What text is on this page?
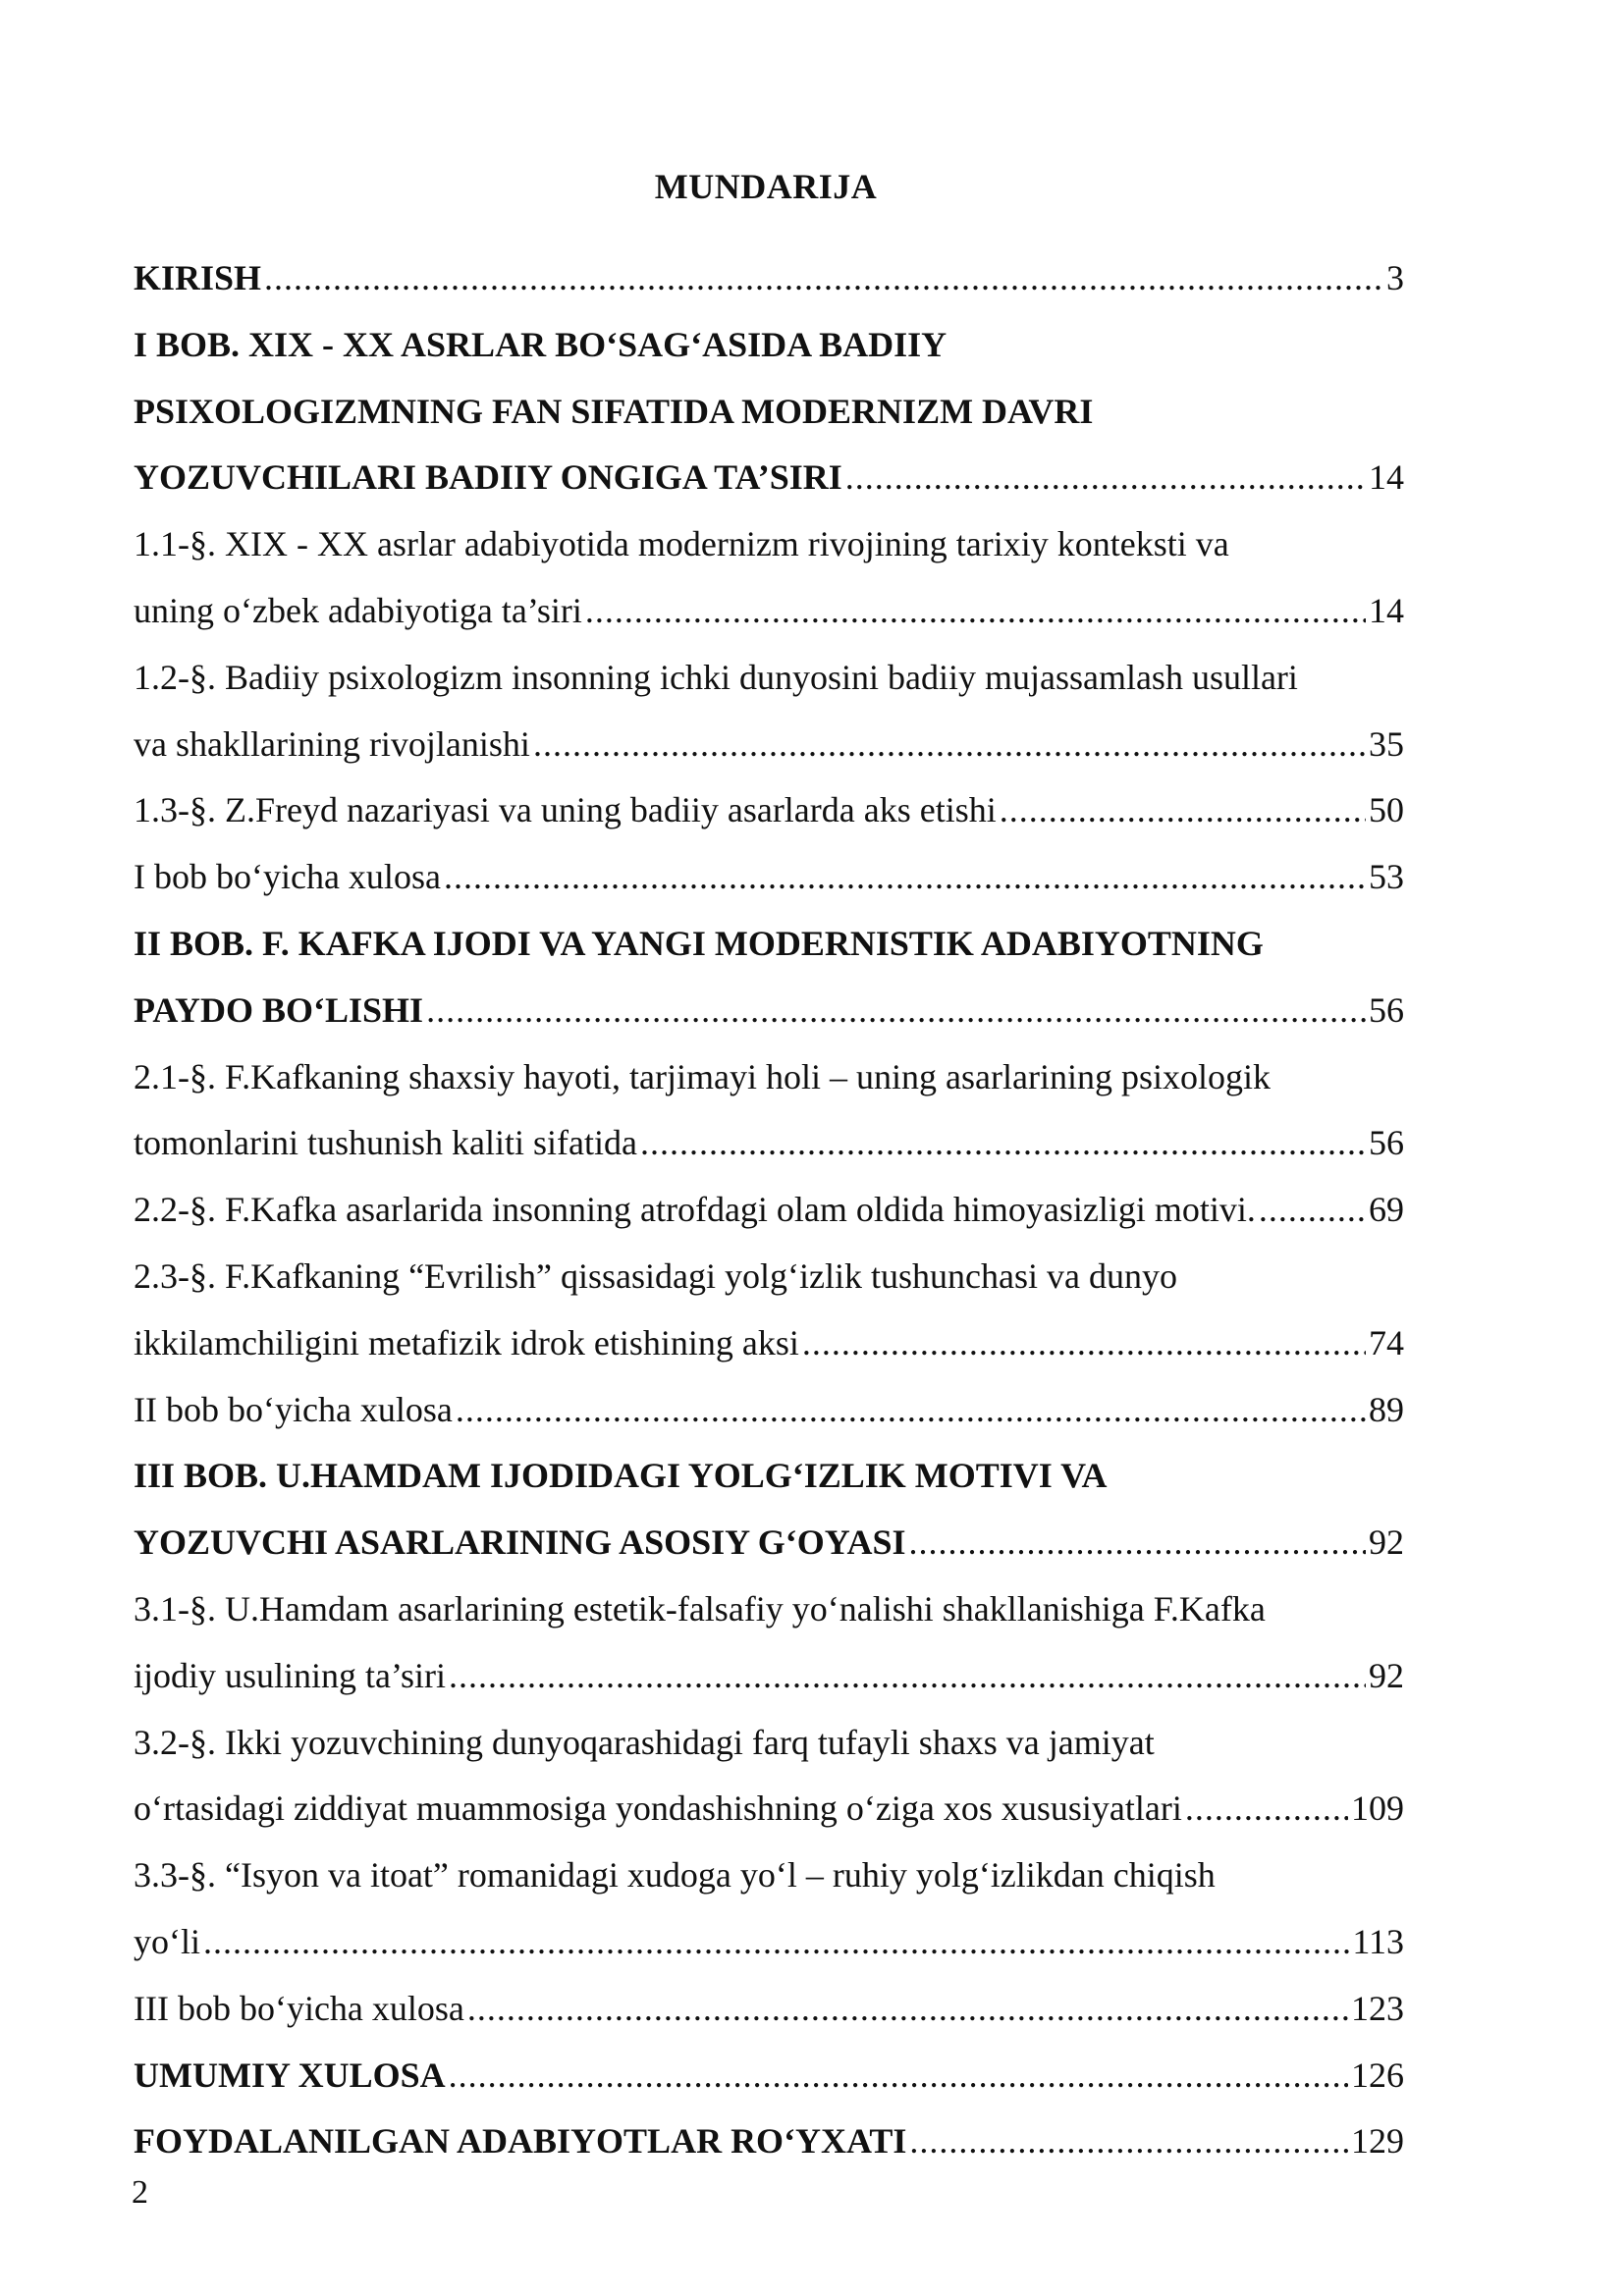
MUNDARIJA
KIRISH .....	3
I BOB. XIX - XX ASRLAR BO‘SAG‘ASIDA BADIIY
PSIXOLOGIZMNING FAN SIFATIDA MODERNIZM DAVRI
YOZUVCHILARI BADIIY ONGIGA TA’SIRI .....	14
1.1-§. XIX - XX asrlar adabiyotida modernizm rivojining tarixiy konteksti va
uning o‘zbek adabiyotiga ta’siri .....	14
1.2-§. Badiiy psixologizm insonning ichki dunyosini badiiy mujassamlash usullari
va shakllarining rivojlanishi .....	35
1.3-§. Z.Freyd nazariyasi va uning badiiy asarlarda aks etishi .....	50
I bob bo‘yicha xulosa .....	53
II BOB. F. KAFKA IJODI VA YANGI MODERNISTIK ADABIYOTNING
PAYDO BO‘LISHI .....	56
2.1-§. F.Kafkaning shaxsiy hayoti, tarjimayi holi – uning asarlarining psixologik
tomonlarini tushunish kaliti sifatida .....	56
2.2-§. F.Kafka asarlarida insonning atrofdagi olam oldida himoyasizligi motivi. .....	69
2.3-§. F.Kafkaning “Evrilish” qissasidagi yolg‘izlik tushunchasi va dunyo
ikkilamchiligini metafizik idrok etishining aksi .....	74
II bob bo‘yicha xulosa .....	89
III BOB. U.HAMDAM IJODIDAGI YOLG‘IZLIK MOTIVI VA
YOZUVCHI ASARLARINING ASOSIY G‘OYASI .....	92
3.1-§. U.Hamdam asarlarining estetik-falsafiy yo‘nalishi shakllanishiga F.Kafka
ijodiy usulining ta’siri .....	92
3.2-§. Ikki yozuvchining dunyoqarashidagi farq tufayli shaxs va jamiyat
o‘rtasidagi ziddiyat muammosiga yondashishning o‘ziga xos xususiyatlari .....	109
3.3-§. “Isyon va itoat” romanidagi xudoga yo‘l – ruhiy yolg‘izlikdan chiqish
yo‘li .....	113
III bob bo‘yicha xulosa .....	123
UMUMIY XULOSA .....	126
FOYDALANILGAN ADABIYOTLAR RO‘YXATI .....	129
2
